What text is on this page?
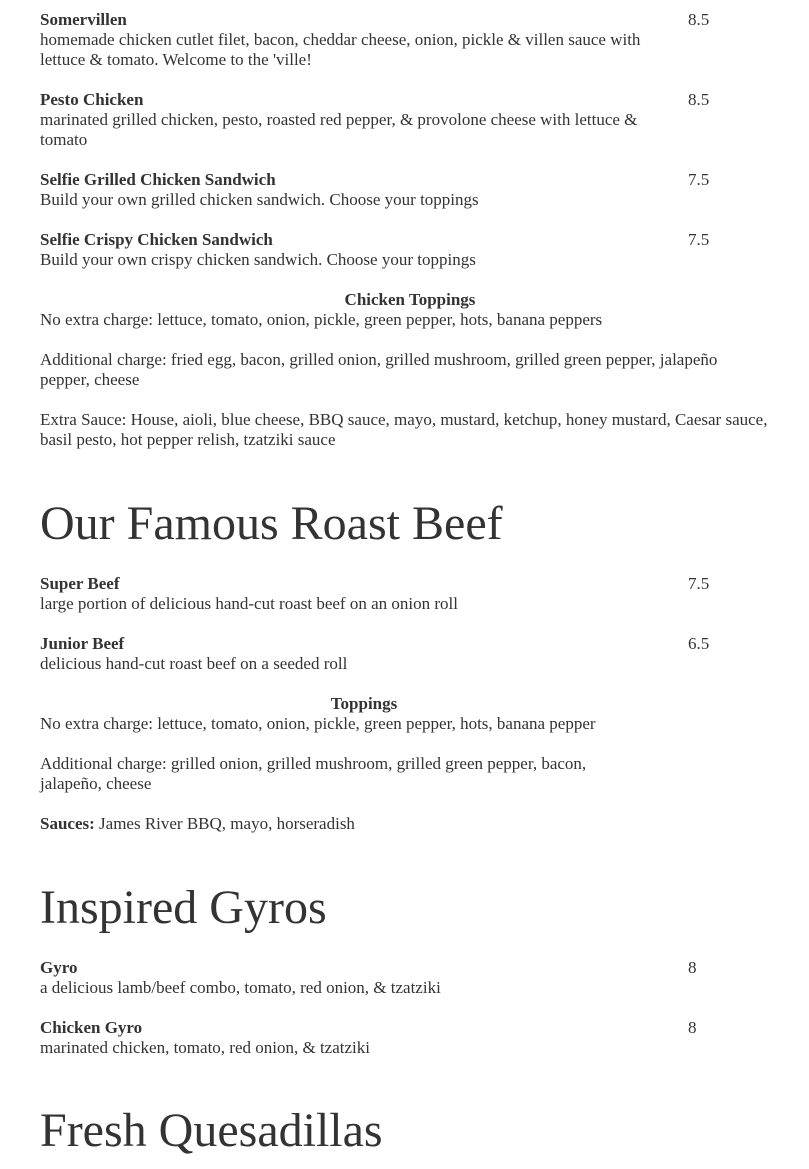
Somervillen	8.5
homemade chicken cutlet filet, bacon, cheddar cheese, onion, pickle & villen sauce with lettuce & tomato. Welcome to the 'ville!
Pesto Chicken	8.5
marinated grilled chicken, pesto, roasted red pepper, & provolone cheese with lettuce & tomato
Selfie Grilled Chicken Sandwich	7.5
Build your own grilled chicken sandwich. Choose your toppings
Selfie Crispy Chicken Sandwich	7.5
Build your own crispy chicken sandwich. Choose your toppings
Chicken Toppings
No extra charge: lettuce, tomato, onion, pickle, green pepper, hots, banana peppers
Additional charge: fried egg, bacon, grilled onion, grilled mushroom, grilled green pepper, jalapeño pepper, cheese
Extra Sauce: House, aioli, blue cheese, BBQ sauce, mayo, mustard, ketchup, honey mustard, Caesar sauce, basil pesto, hot pepper relish, tzatziki sauce
Our Famous Roast Beef
Super Beef	7.5
large portion of delicious hand-cut roast beef on an onion roll
Junior Beef	6.5
delicious hand-cut roast beef on a seeded roll
Toppings
No extra charge: lettuce, tomato, onion, pickle, green pepper, hots, banana pepper
Additional charge: grilled onion, grilled mushroom, grilled green pepper, bacon, jalapeño, cheese
Sauces: James River BBQ, mayo, horseradish
Inspired Gyros
Gyro	8
a delicious lamb/beef combo, tomato, red onion, & tzatziki
Chicken Gyro	8
marinated chicken, tomato, red onion, & tzatziki
Fresh Quesadillas
